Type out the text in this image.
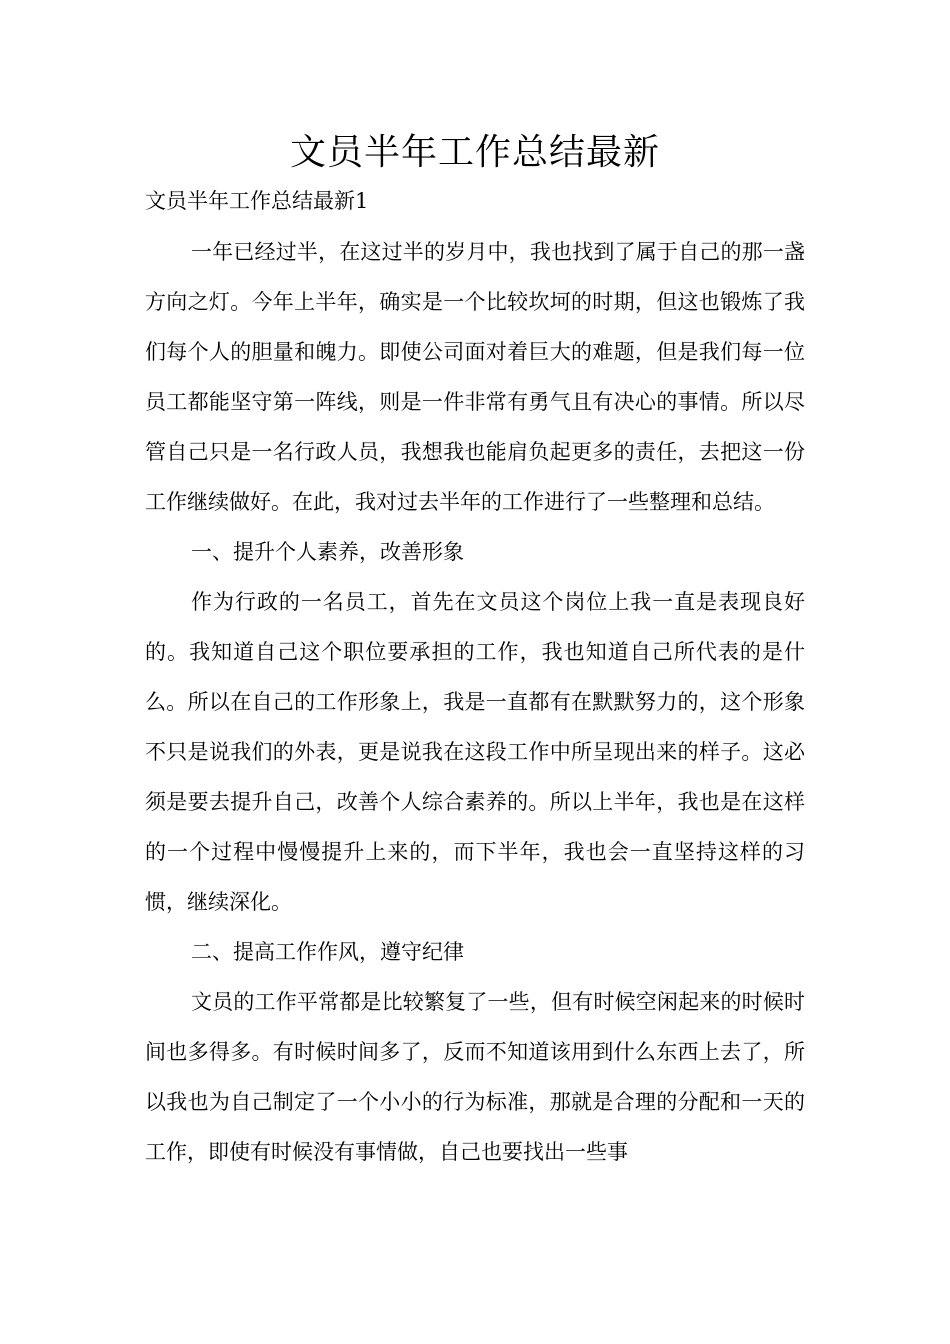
文员半年工作总结最新

文员半年工作总结最新1

一年已经过半，在这过半的岁月中，我也找到了属于自己的那一盏方向之灯。今年上半年，确实是一个比较坎坷的时期，但这也锻炼了我们每个人的胆量和魄力。即使公司面对着巨大的难题，但是我们每一位员工都能坚守第一阵线，则是一件非常有勇气且有决心的事情。所以尽管自己只是一名行政人员，我想我也能肩负起更多的责任，去把这一份工作继续做好。在此，我对过去半年的工作进行了一些整理和总结。

一、提升个人素养，改善形象

作为行政的一名员工，首先在文员这个岗位上我一直是表现良好的。我知道自己这个职位要承担的工作，我也知道自己所代表的是什么。所以在自己的工作形象上，我是一直都有在默默努力的，这个形象不只是说我们的外表，更是说我在这段工作中所呈现出来的样子。这必须是要去提升自己，改善个人综合素养的。所以上半年，我也是在这样的一个过程中慢慢提升上来的，而下半年，我也会一直坚持这样的习惯，继续深化。

二、提高工作作风，遵守纪律

文员的工作平常都是比较繁复了一些，但有时候空闲起来的时候时间也多得多。有时候时间多了，反而不知道该用到什么东西上去了，所以我也为自己制定了一个小小的行为标准，那就是合理的分配和一天的工作，即使有时候没有事情做，自己也要找出一些事
